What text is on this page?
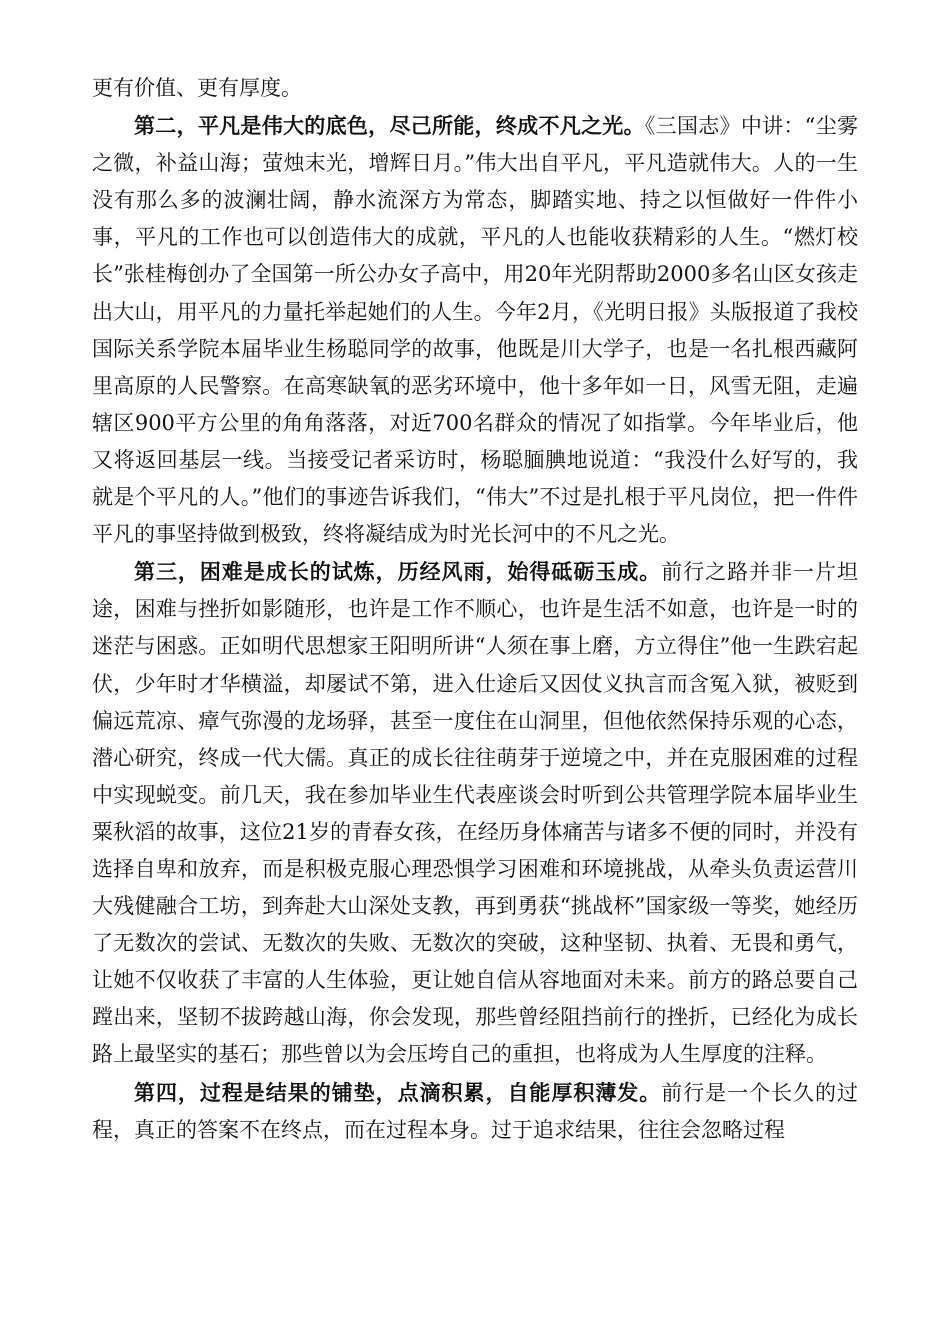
更有价值、更有厚度。

第二，平凡是伟大的底色，尽己所能，终成不凡之光。《三国志》中讲：“尘雾之微，补益山海；萤烛末光，增辉日月。”伟大出自平凡，平凡造就伟大。人的一生没有那么多的波澜壮阔，静水流深方为常态，脚踏实地、持之以恒做好一件件小事，平凡的工作也可以创造伟大的成就，平凡的人也能收获精彩的人生。“燃灯校长”张桂梅创办了全国第一所公办女子高中，用20年光阴帮助2000多名山区女孩走出大山，用平凡的力量托举起她们的人生。今年2月，《光明日报》头版报道了我校国际关系学院本届毕业生杨聪同学的故事，他既是川大学子，也是一名扎根西藏阿里高原的人民警察。在高寒缺氧的恶劣环境中，他十多年如一日，风雪无阻，走遍辖区900平方公里的角角落落，对近700名群众的情况了如指掌。今年毕业后，他又将返回基层一线。当接受记者采访时，杨聪腼腆地说道：“我没什么好写的，我就是个平凡的人。”他们的事迹告诉我们，“伟大”不过是扎根于平凡岗位，把一件件平凡的事坚持做到极致，终将凝结成为时光长河中的不凡之光。

第三，困难是成长的试炼，历经风雨，始得砥砺玉成。前行之路并非一片坦途，困难与挫折如影随形，也许是工作不顺心，也许是生活不如意，也许是一时的迷茫与困惑。正如明代思想家王阳明所讲“人须在事上磨，方立得住”他一生跌宕起伏，少年时才华横溢，却屡试不第，进入仕途后又因仗义执言而含冤入狱，被贬到偏远荒凉、瘴气弥漫的龙场驿，甚至一度住在山洞里，但他依然保持乐观的心态，潜心研究，终成一代大儒。真正的成长往往萌芽于逆境之中，并在克服困难的过程中实现蜕变。前几天，我在参加毕业生代表座谈会时听到公共管理学院本届毕业生粟秋滔的故事，这位21岁的青春女孩，在经历身体痛苦与诸多不便的同时，并没有选择自卑和放弃，而是积极克服心理恐惧学习困难和环境挑战，从牵头负责运营川大残健融合工坊，到奔赴大山深处支教，再到勇获“挑战杯”国家级一等奖，她经历了无数次的尝试、无数次的失败、无数次的突破，这种坚韧、执着、无畏和勇气，让她不仅收获了丰富的人生体验，更让她自信从容地面对未来。前方的路总要自己蹚出来，坚韧不拔跨越山海，你会发现，那些曾经阻挡前行的挫折，已经化为成长路上最坚实的基石；那些曾以为会压垮自己的重担，也将成为人生厚度的注释。

第四，过程是结果的铺垫，点滴积累，自能厚积薄发。前行是一个长久的过程，真正的答案不在终点，而在过程本身。过于追求结果，往往会忽略过程
